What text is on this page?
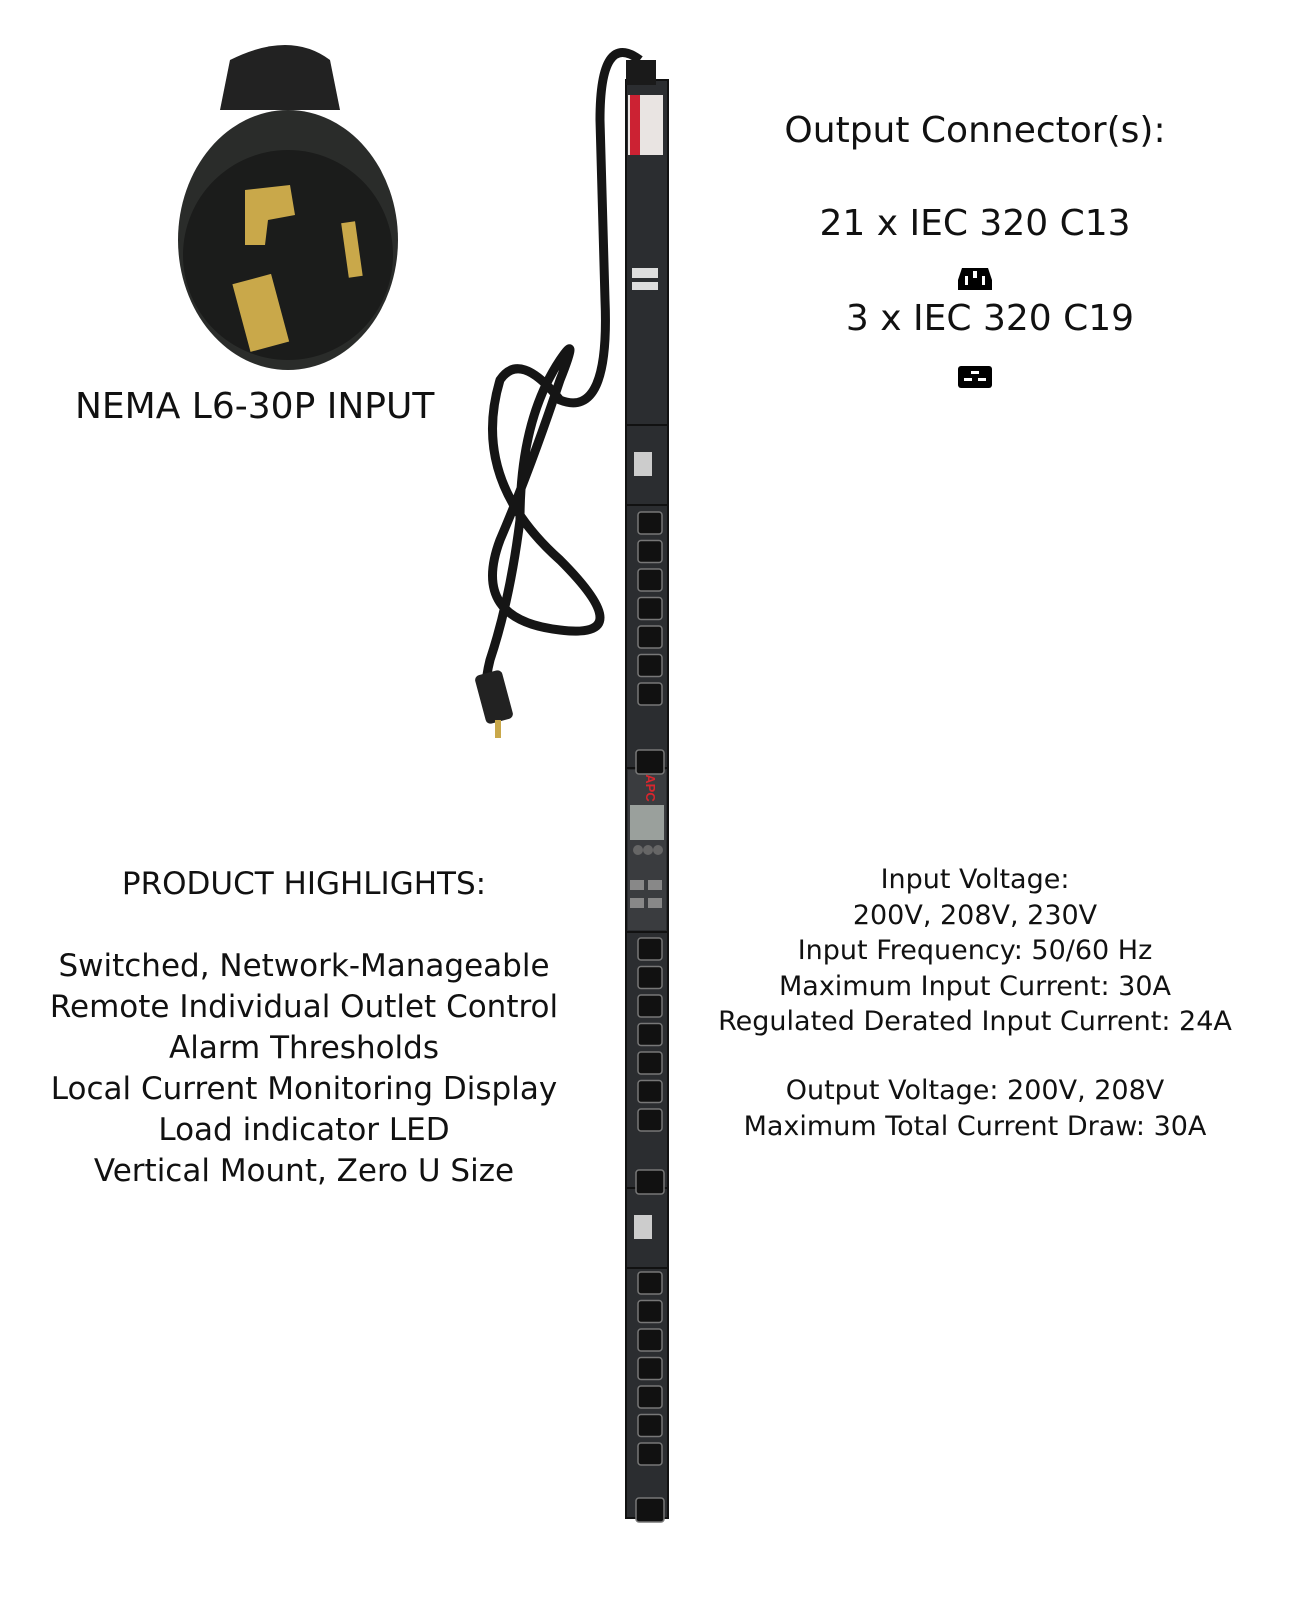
APC
NEMA L6-30P INPUT
Output Connector(s):
21 x IEC 320 C13
3 x IEC 320 C19
PRODUCT HIGHLIGHTS:
Switched, Network-Manageable
Remote Individual Outlet Control
Alarm Thresholds
Local Current Monitoring Display
Load indicator LED
Vertical Mount, Zero U Size
Input Voltage:
200V, 208V, 230V
Input Frequency: 50/60 Hz
Maximum Input Current: 30A
Regulated Derated Input Current: 24A
Output Voltage: 200V, 208V
Maximum Total Current Draw: 30A
